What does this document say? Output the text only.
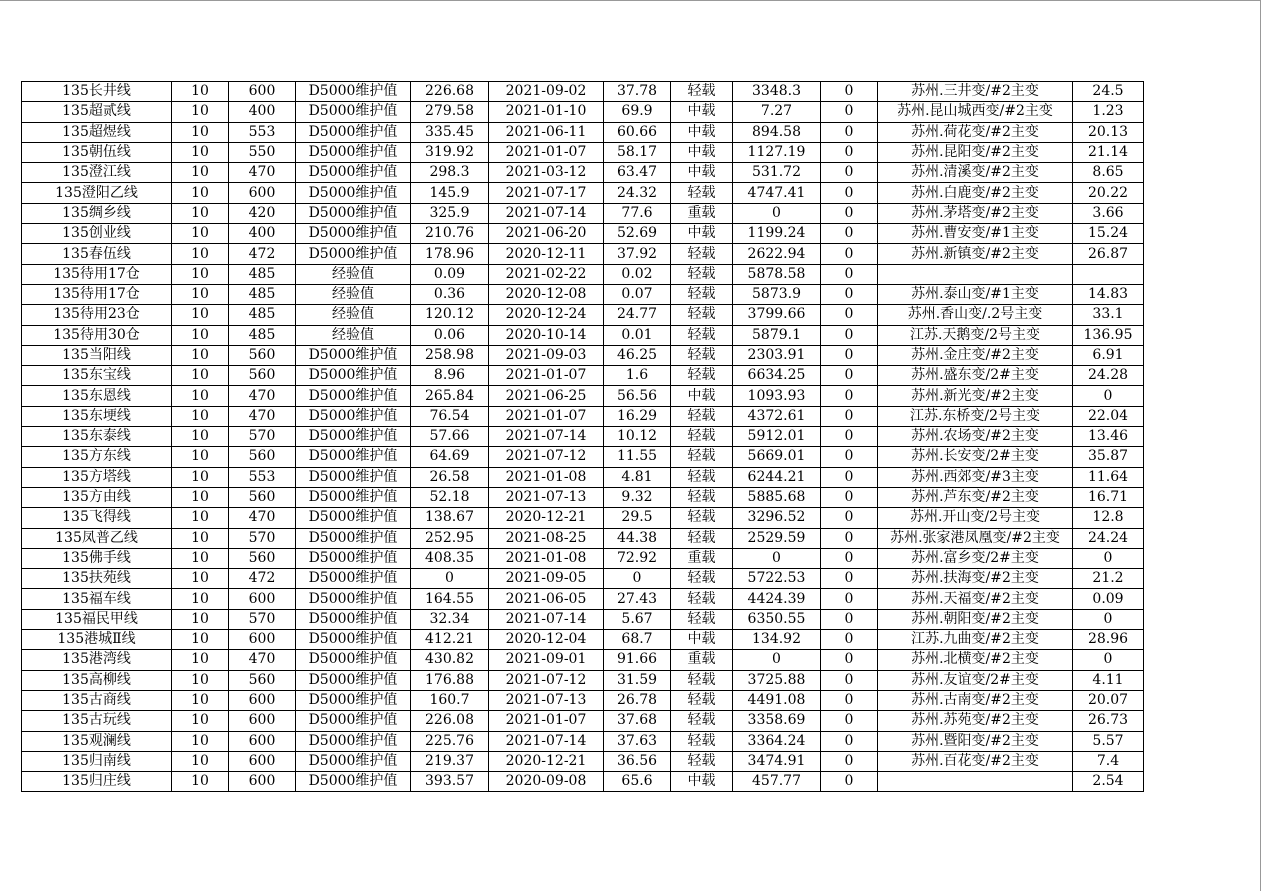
135长井线	10	600	D5000维护值	226.68	2021-09-02	37.78	轻载	3348.3	0	苏州.三井变/#2主变	24.5
135超贰线	10	400	D5000维护值	279.58	2021-01-10	69.9	中载	7.27	0	苏州.昆山城西变/#2主变	1.23
135超煜线	10	553	D5000维护值	335.45	2021-06-11	60.66	中载	894.58	0	苏州.荷花变/#2主变	20.13
135朝伍线	10	550	D5000维护值	319.92	2021-01-07	58.17	中载	1127.19	0	苏州.昆阳变/#2主变	21.14
135澄江线	10	470	D5000维护值	298.3	2021-03-12	63.47	中载	531.72	0	苏州.清溪变/#2主变	8.65
135澄阳乙线	10	600	D5000维护值	145.9	2021-07-17	24.32	轻载	4747.41	0	苏州.白鹿变/#2主变	20.22
135绸乡线	10	420	D5000维护值	325.9	2021-07-14	77.6	重载	0	0	苏州.茅塔变/#2主变	3.66
135创业线	10	400	D5000维护值	210.76	2021-06-20	52.69	中载	1199.24	0	苏州.曹安变/#1主变	15.24
135春伍线	10	472	D5000维护值	178.96	2020-12-11	37.92	轻载	2622.94	0	苏州.新镇变/#2主变	26.87
135待用17仓	10	485	经验值	0.09	2021-02-22	0.02	轻载	5878.58	0		
135待用17仓	10	485	经验值	0.36	2020-12-08	0.07	轻载	5873.9	0	苏州.泰山变/#1主变	14.83
135待用23仓	10	485	经验值	120.12	2020-12-24	24.77	轻载	3799.66	0	苏州.香山变/.2号主变	33.1
135待用30仓	10	485	经验值	0.06	2020-10-14	0.01	轻载	5879.1	0	江苏.天鹅变/2号主变	136.95
135当阳线	10	560	D5000维护值	258.98	2021-09-03	46.25	轻载	2303.91	0	苏州.金庄变/#2主变	6.91
135东宝线	10	560	D5000维护值	8.96	2021-01-07	1.6	轻载	6634.25	0	苏州.盛东变/2#主变	24.28
135东恩线	10	470	D5000维护值	265.84	2021-06-25	56.56	中载	1093.93	0	苏州.新光变/#2主变	0
135东埂线	10	470	D5000维护值	76.54	2021-01-07	16.29	轻载	4372.61	0	江苏.东桥变/2号主变	22.04
135东泰线	10	570	D5000维护值	57.66	2021-07-14	10.12	轻载	5912.01	0	苏州.农场变/#2主变	13.46
135方东线	10	560	D5000维护值	64.69	2021-07-12	11.55	轻载	5669.01	0	苏州.长安变/2#主变	35.87
135方塔线	10	553	D5000维护值	26.58	2021-01-08	4.81	轻载	6244.21	0	苏州.西郊变/#3主变	11.64
135方由线	10	560	D5000维护值	52.18	2021-07-13	9.32	轻载	5885.68	0	苏州.芦东变/#2主变	16.71
135飞得线	10	470	D5000维护值	138.67	2020-12-21	29.5	轻载	3296.52	0	苏州.开山变/2号主变	12.8
135凤普乙线	10	570	D5000维护值	252.95	2021-08-25	44.38	轻载	2529.59	0	苏州.张家港凤凰变/#2主变	24.24
135佛手线	10	560	D5000维护值	408.35	2021-01-08	72.92	重载	0	0	苏州.富乡变/2#主变	0
135扶苑线	10	472	D5000维护值	0	2021-09-05	0	轻载	5722.53	0	苏州.扶海变/#2主变	21.2
135福车线	10	600	D5000维护值	164.55	2021-06-05	27.43	轻载	4424.39	0	苏州.天福变/#2主变	0.09
135福民甲线	10	570	D5000维护值	32.34	2021-07-14	5.67	轻载	6350.55	0	苏州.朝阳变/#2主变	0
135港城Ⅱ线	10	600	D5000维护值	412.21	2020-12-04	68.7	中载	134.92	0	江苏.九曲变/#2主变	28.96
135港湾线	10	470	D5000维护值	430.82	2021-09-01	91.66	重载	0	0	苏州.北横变/#2主变	0
135高柳线	10	560	D5000维护值	176.88	2021-07-12	31.59	轻载	3725.88	0	苏州.友谊变/2#主变	4.11
135古商线	10	600	D5000维护值	160.7	2021-07-13	26.78	轻载	4491.08	0	苏州.古南变/#2主变	20.07
135古玩线	10	600	D5000维护值	226.08	2021-01-07	37.68	轻载	3358.69	0	苏州.苏苑变/#2主变	26.73
135观澜线	10	600	D5000维护值	225.76	2021-07-14	37.63	轻载	3364.24	0	苏州.暨阳变/#2主变	5.57
135归南线	10	600	D5000维护值	219.37	2020-12-21	36.56	轻载	3474.91	0	苏州.百花变/#2主变	7.4
135归庄线	10	600	D5000维护值	393.57	2020-09-08	65.6	中载	457.77	0		2.54
